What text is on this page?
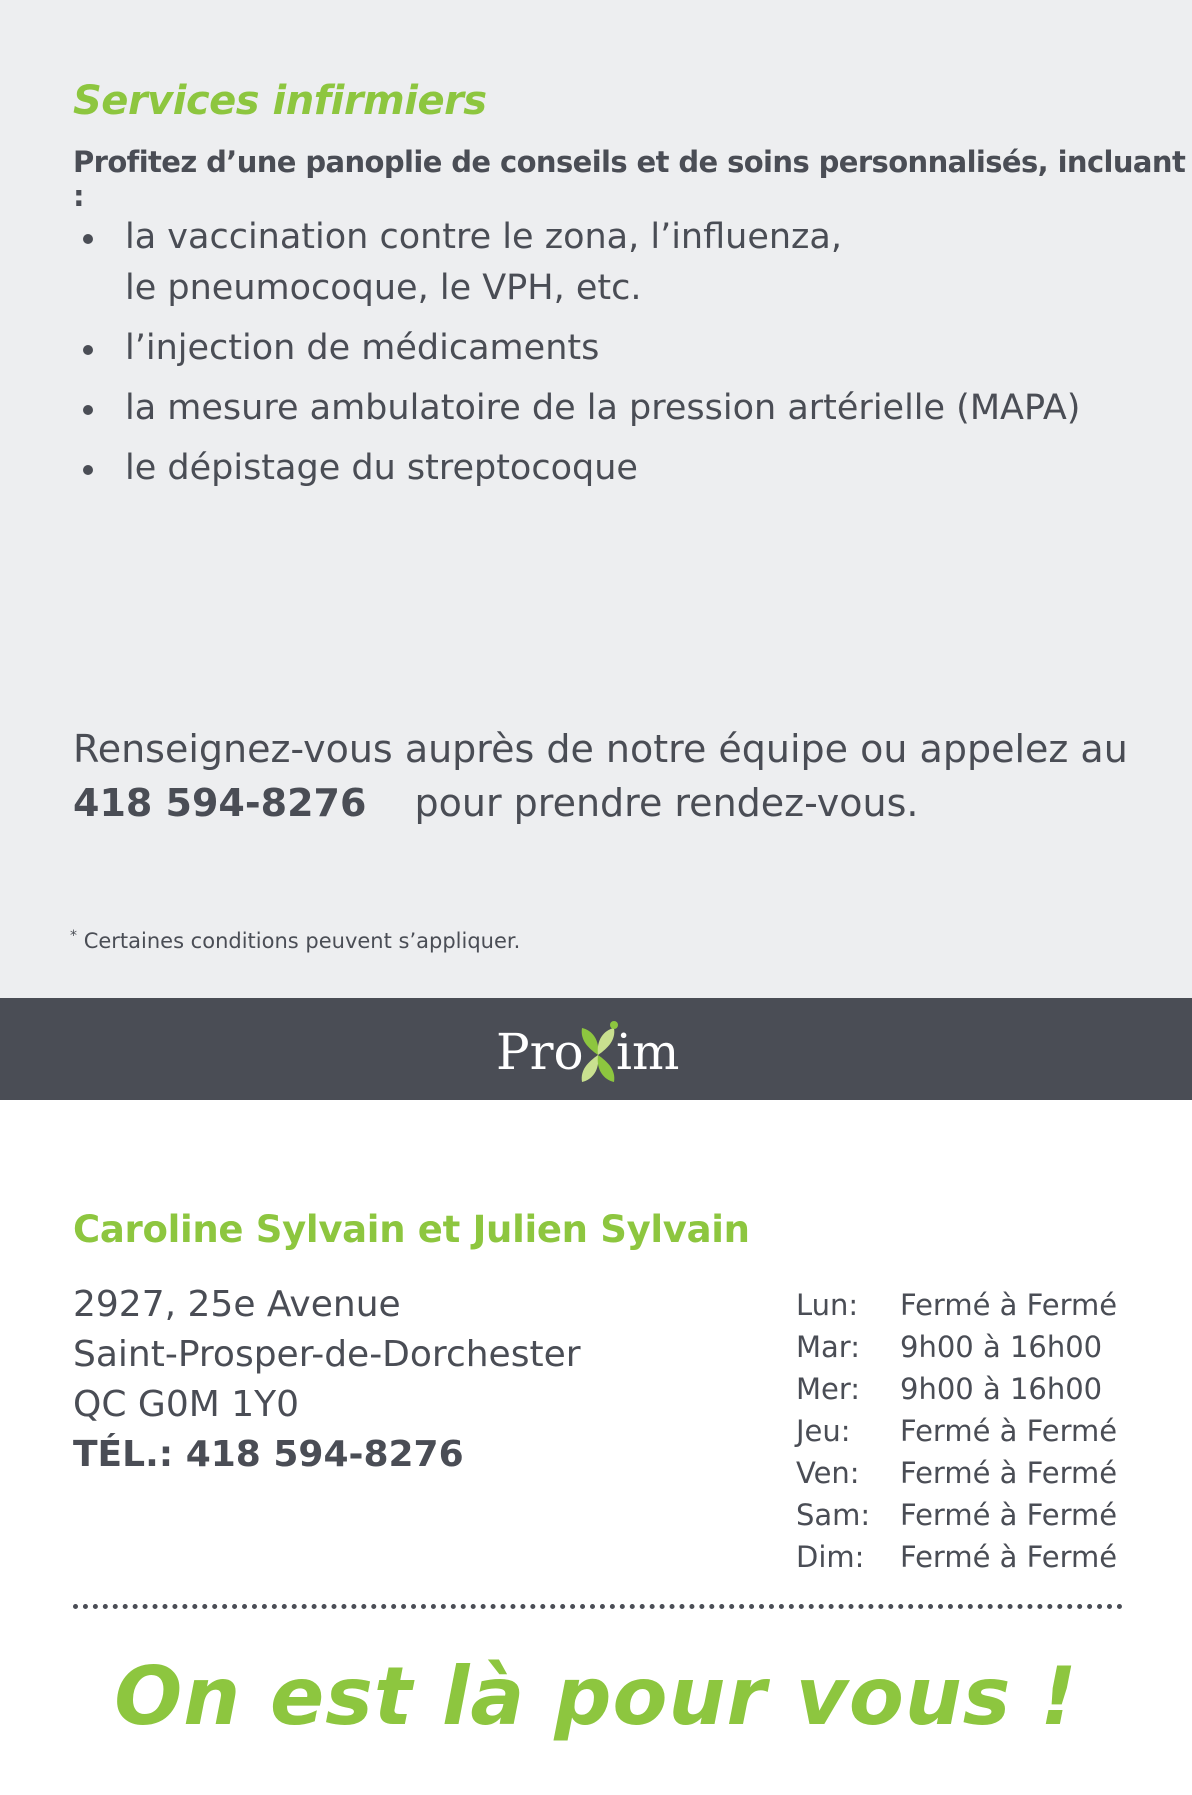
Services infirmiers

Profitez d’une panoplie de conseils et de soins personnalisés, incluant :

la vaccination contre le zona, l’influenza,
le pneumocoque, le VPH, etc.
l’injection de médicaments
la mesure ambulatoire de la pression artérielle (MAPA)
le dépistage du streptocoque

Renseignez-vous auprès de notre équipe ou appelez au
418 594-8276 pour prendre rendez-vous.

* Certaines conditions peuvent s’appliquer.

Pro im
Caroline Sylvain et Julien Sylvain
2927, 25e Avenue
Saint-Prosper-de-Dorchester
QC G0M 1Y0
TÉL.: 418 594-8276
Lun: Fermé à Fermé
Mar: 9h00 à 16h00
Mer: 9h00 à 16h00
Jeu: Fermé à Fermé
Ven: Fermé à Fermé
Sam: Fermé à Fermé
Dim: Fermé à Fermé

On est là pour vous !
